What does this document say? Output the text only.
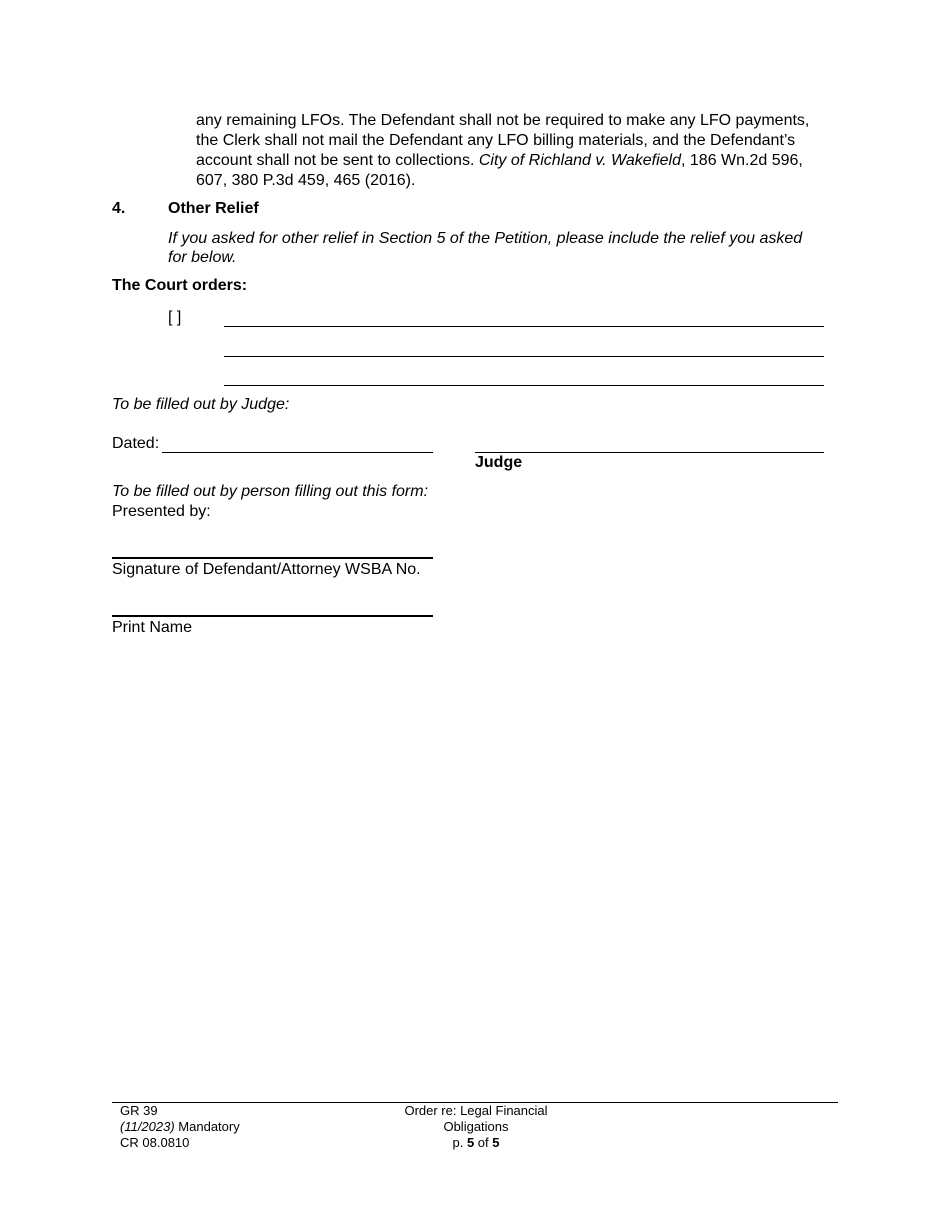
any remaining LFOs. The Defendant shall not be required to make any LFO payments, the Clerk shall not mail the Defendant any LFO billing materials, and the Defendant’s account shall not be sent to collections. City of Richland v. Wakefield, 186 Wn.2d 596, 607, 380 P.3d 459, 465 (2016).
4.	Other Relief
If you asked for other relief in Section 5 of the Petition, please include the relief you asked for below.
The Court orders:
[ ]
To be filled out by Judge:
Dated:
Judge
To be filled out by person filling out this form:
Presented by:
Signature of Defendant/Attorney WSBA No.
Print Name
GR 39
(11/2023) Mandatory
CR 08.0810
Order re: Legal Financial
Obligations
p. 5 of 5
